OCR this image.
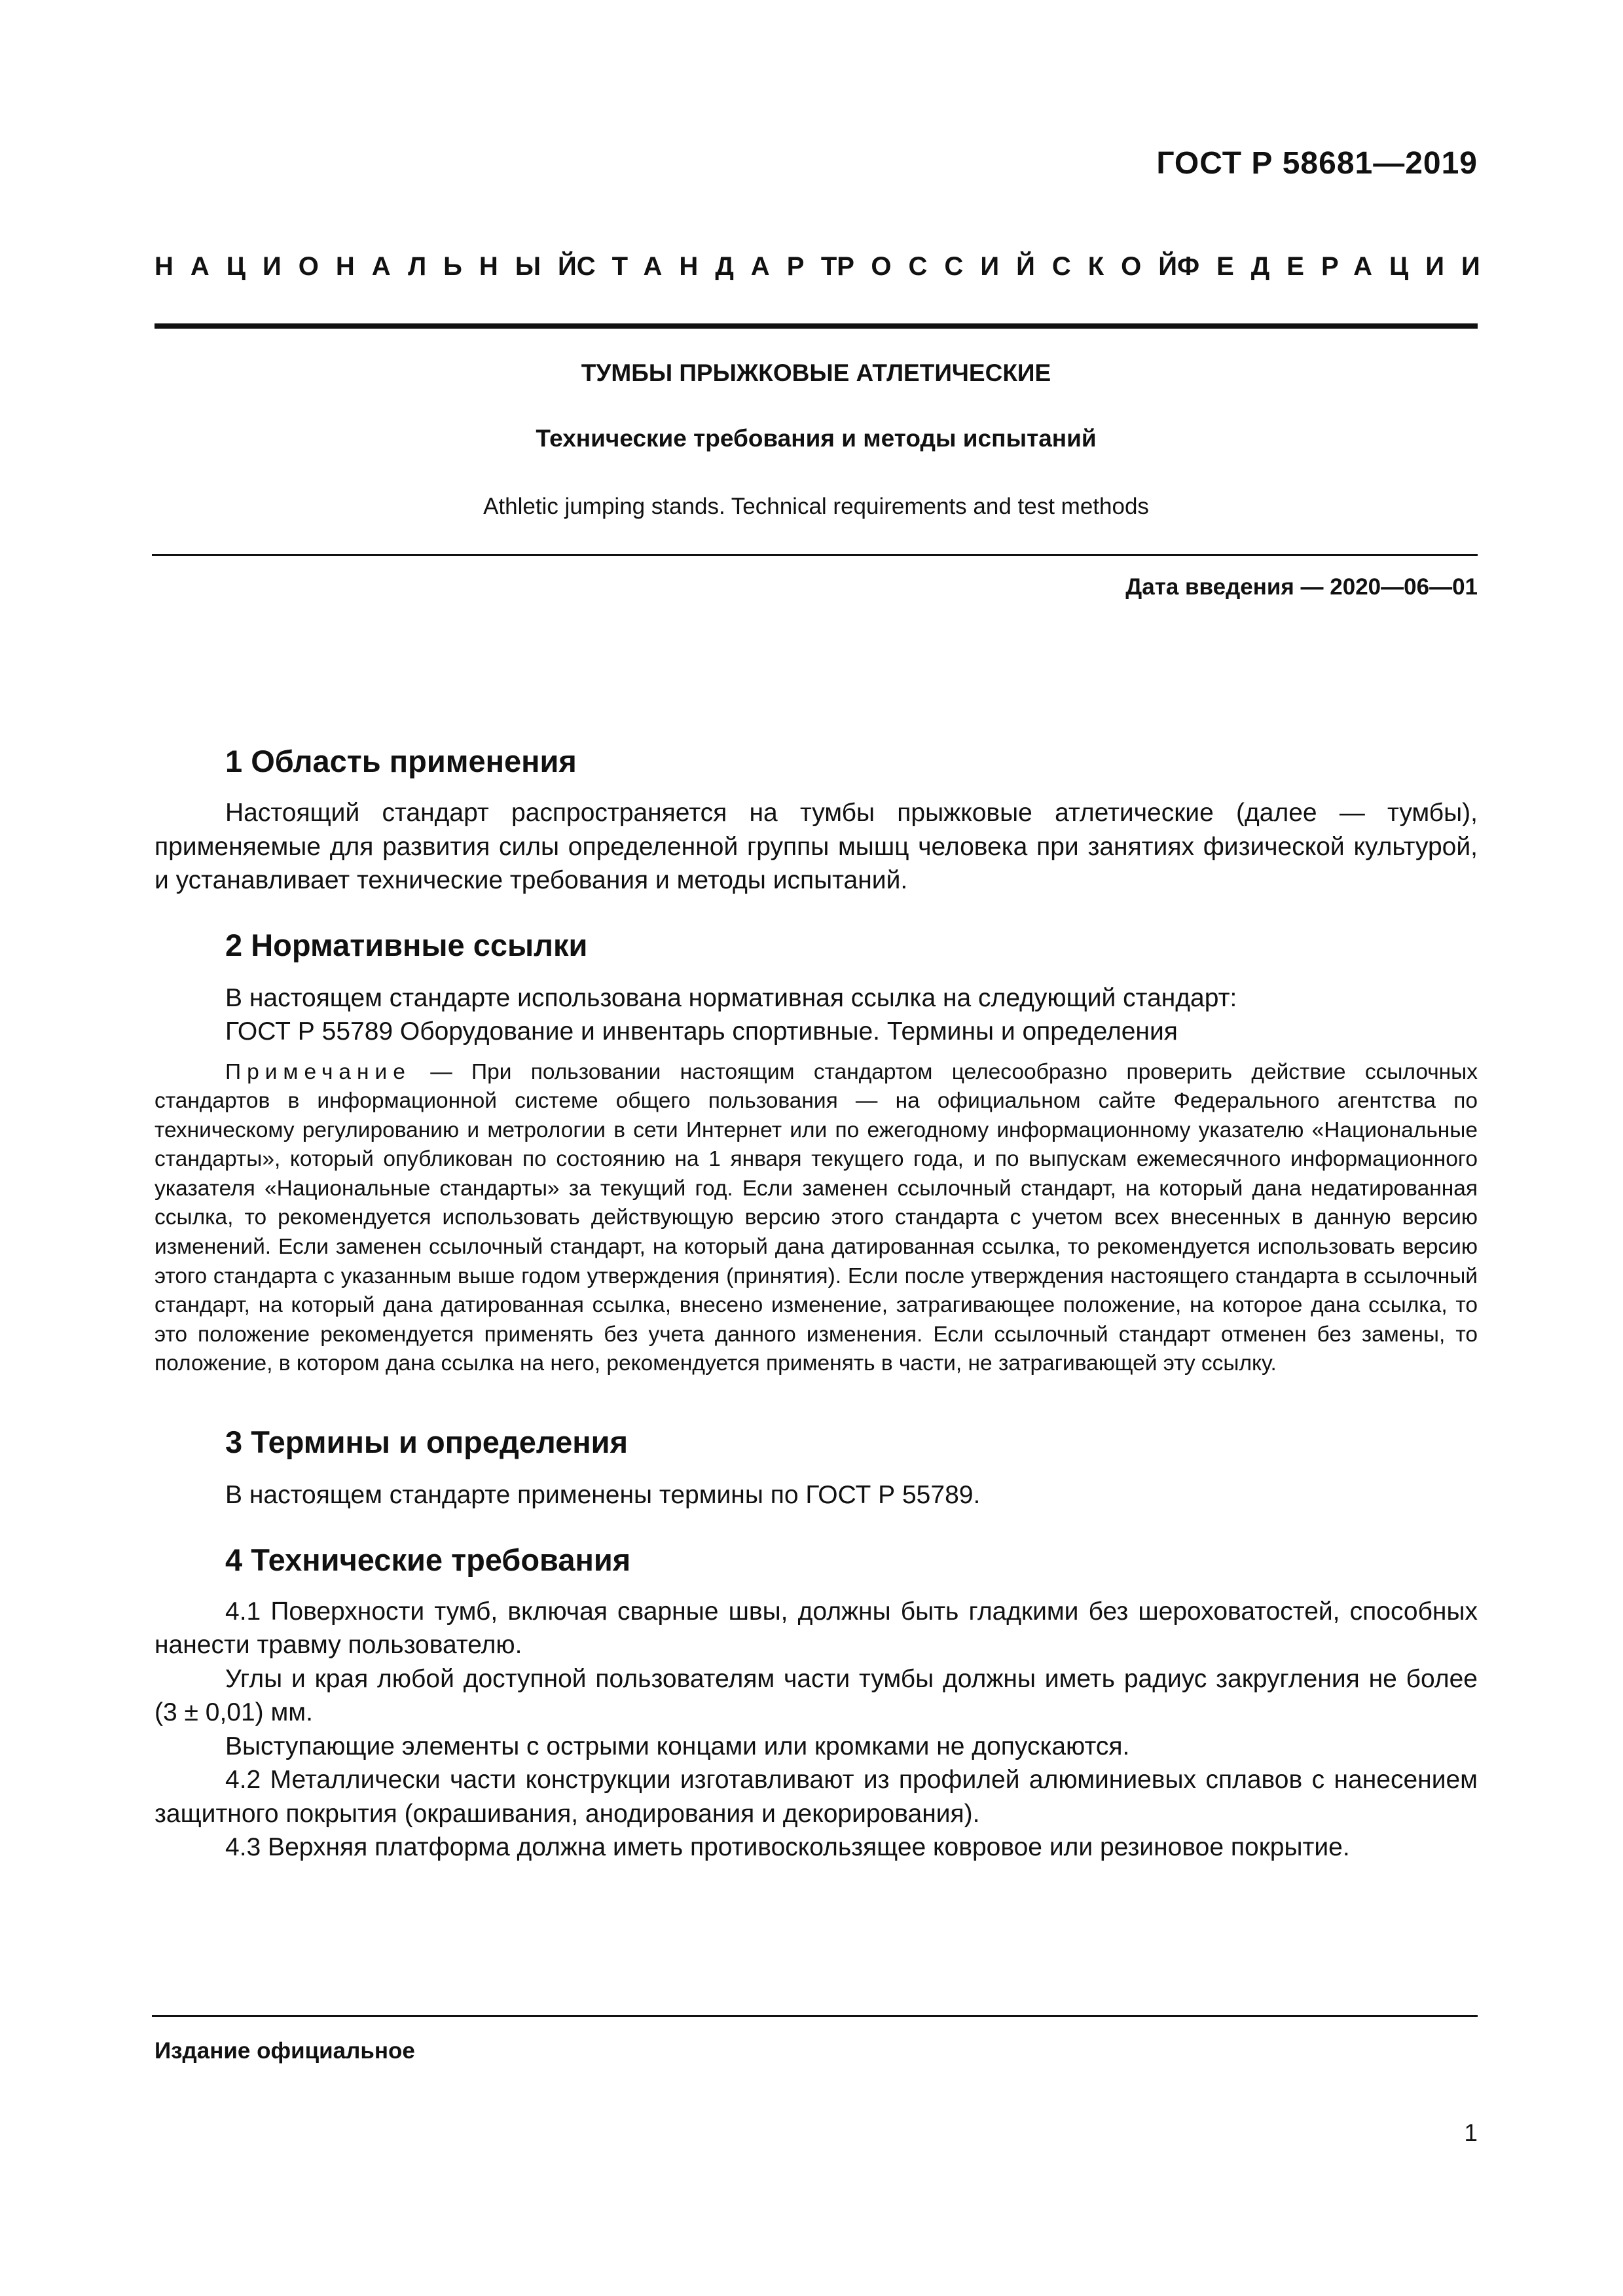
ГОСТ Р 58681—2019
НАЦИОНАЛЬНЫЙ
СТАНДАРТ
РОССИЙСКОЙ
ФЕДЕРАЦИИ

ТУМБЫ ПРЫЖКОВЫЕ АТЛЕТИЧЕСКИЕ

Технические требования и методы испытаний

Athletic jumping stands. Technical requirements and test methods

Дата введения — 2020—06—01
1 Область применения

Настоящий стандарт распространяется на тумбы прыжковые атлетические (далее — тумбы), применяемые для развития силы определенной группы мышц человека при занятиях физической культурой, и устанавливает технические требования и методы испытаний.

2 Нормативные ссылки

В настоящем стандарте использована нормативная ссылка на следующий стандарт:

ГОСТ Р 55789 Оборудование и инвентарь спортивные. Термины и определения

Примечание — При пользовании настоящим стандартом целесообразно проверить действие ссылочных стандартов в информационной системе общего пользования — на официальном сайте Федерального агентства по техническому регулированию и метрологии в сети Интернет или по ежегодному информационному указателю «Национальные стандарты», который опубликован по состоянию на 1 января текущего года, и по выпускам ежемесячного информационного указателя «Национальные стандарты» за текущий год. Если заменен ссылочный стандарт, на который дана недатированная ссылка, то рекомендуется использовать действующую версию этого стандарта с учетом всех внесенных в данную версию изменений. Если заменен ссылочный стандарт, на который дана датированная ссылка, то рекомендуется использовать версию этого стандарта с указанным выше годом утверждения (принятия). Если после утверждения настоящего стандарта в ссылочный стандарт, на который дана датированная ссылка, внесено изменение, затрагивающее положение, на которое дана ссылка, то это положение рекомендуется применять без учета данного изменения. Если ссылочный стандарт отменен без замены, то положение, в котором дана ссылка на него, рекомендуется применять в части, не затрагивающей эту ссылку.

3 Термины и определения

В настоящем стандарте применены термины по ГОСТ Р 55789.

4 Технические требования

4.1 Поверхности тумб, включая сварные швы, должны быть гладкими без шероховатостей, способных нанести травму пользователю.

Углы и края любой доступной пользователям части тумбы должны иметь радиус закругления не более (3 ± 0,01) мм.

Выступающие элементы с острыми концами или кромками не допускаются.

4.2 Металлически части конструкции изготавливают из профилей алюминиевых сплавов с нанесением защитного покрытия (окрашивания, анодирования и декорирования).

4.3 Верхняя платформа должна иметь противоскользящее ковровое или резиновое покрытие.

Издание официальное
1
